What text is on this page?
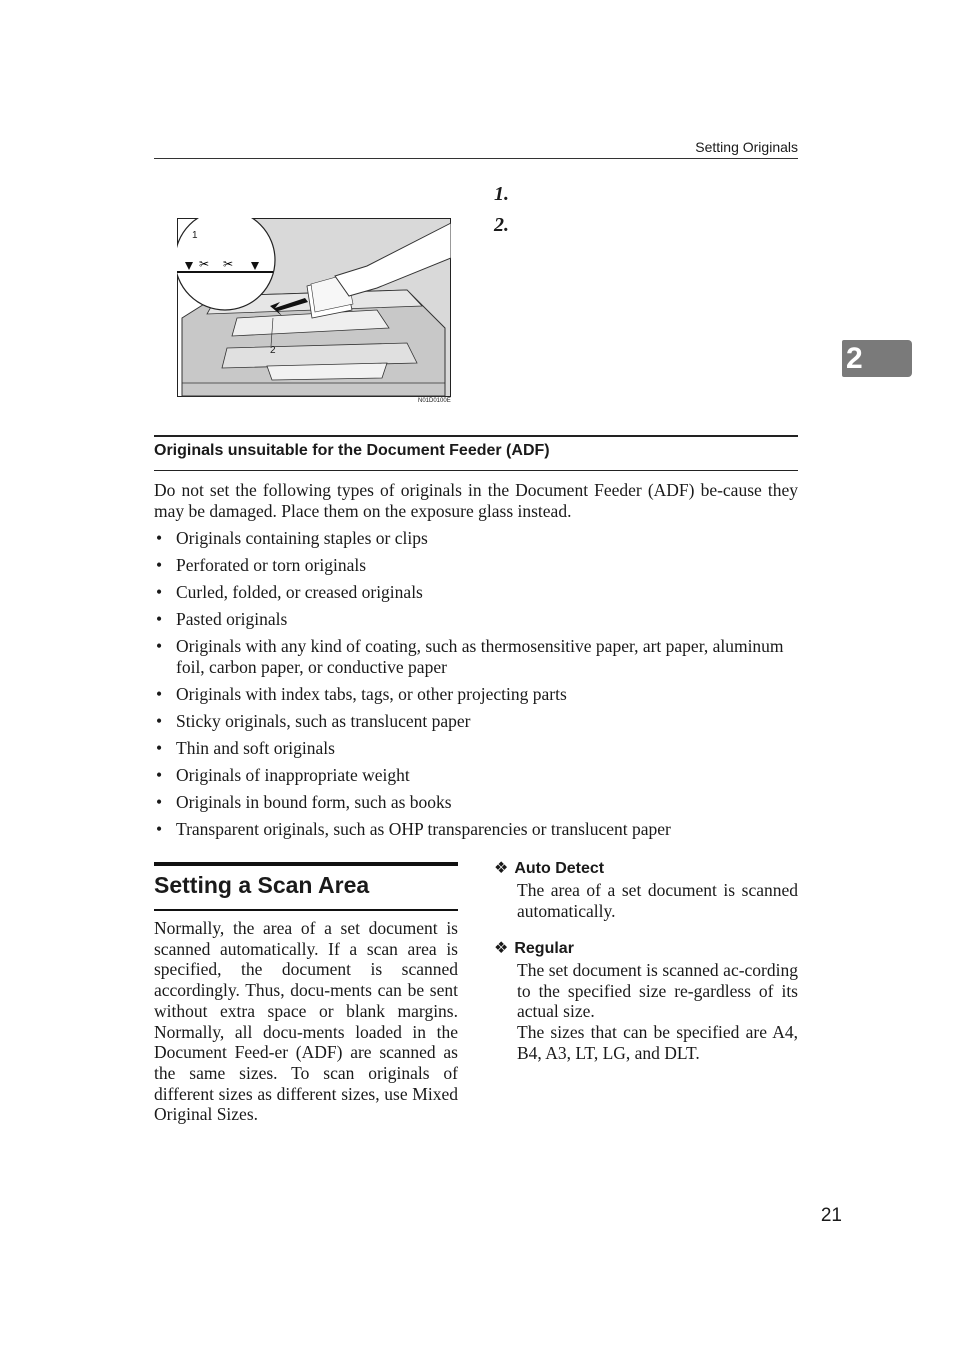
Setting Originals
2
1.
2.
✂ ✂
1
2
N01D0100E
Originals unsuitable for the Document Feeder (ADF)

Do not set the following types of originals in the Document Feeder (ADF) be-cause they may be damaged. Place them on the exposure glass instead.

• Originals containing staples or clips
• Perforated or torn originals
• Curled, folded, or creased originals
• Pasted originals
• Originals with any kind of coating, such as thermosensitive paper, art paper, aluminum foil, carbon paper, or conductive paper
• Originals with index tabs, tags, or other projecting parts
• Sticky originals, such as translucent paper
• Thin and soft originals
• Originals of inappropriate weight
• Originals in bound form, such as books
• Transparent originals, such as OHP transparencies or translucent paper
Setting a Scan Area

Normally, the area of a set document is scanned automatically. If a scan area is specified, the document is scanned accordingly. Thus, docu-ments can be sent without extra space or blank margins. Normally, all docu-ments loaded in the Document Feed-er (ADF) are scanned as the same sizes. To scan originals of different sizes as different sizes, use Mixed Original Sizes.

❖ Auto Detect

The area of a set document is scanned automatically.

❖ Regular

The set document is scanned ac-cording to the specified size re-gardless of its actual size.

The sizes that can be specified are A4, B4, A3, LT, LG, and DLT.

21
